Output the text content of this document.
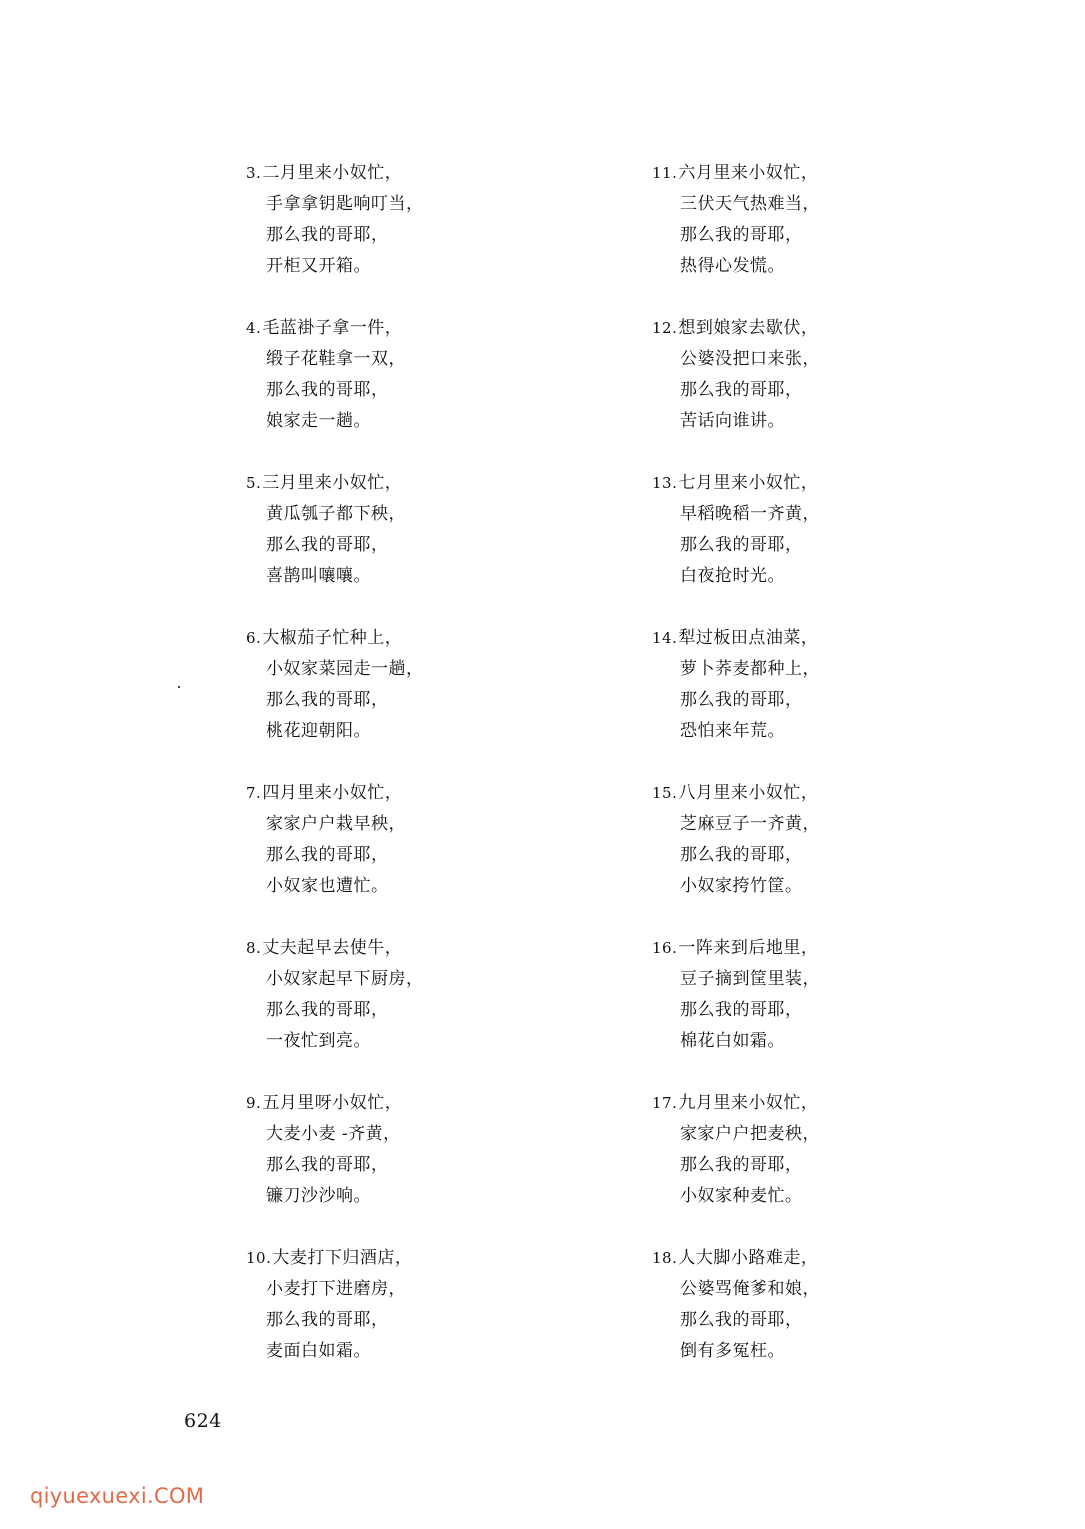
3.二月里来小奴忙，
手拿拿钥匙响叮当，
那么我的哥耶，
开柜又开箱。
4.毛蓝褂子拿一件，
缎子花鞋拿一双，
那么我的哥耶，
娘家走一趟。
5.三月里来小奴忙，
黄瓜瓠子都下秧，
那么我的哥耶，
喜鹊叫嚷嚷。
6.大椒茄子忙种上，
小奴家菜园走一趟，
那么我的哥耶，
桃花迎朝阳。
7.四月里来小奴忙，
家家户户栽早秧，
那么我的哥耶，
小奴家也遭忙。
8.丈夫起早去使牛，
小奴家起早下厨房，
那么我的哥耶，
一夜忙到亮。
9.五月里呀小奴忙，
大麦小麦 -齐黄，
那么我的哥耶，
镰刀沙沙响。
10.大麦打下归酒店，
小麦打下进磨房，
那么我的哥耶，
麦面白如霜。
11.六月里来小奴忙，
三伏天气热难当，
那么我的哥耶，
热得心发慌。
12.想到娘家去歇伏，
公婆没把口来张，
那么我的哥耶，
苦话向谁讲。
13.七月里来小奴忙，
早稻晚稻一齐黄，
那么我的哥耶，
白夜抢时光。
14.犁过板田点油菜，
萝卜荞麦都种上，
那么我的哥耶，
恐怕来年荒。
15.八月里来小奴忙，
芝麻豆子一齐黄，
那么我的哥耶，
小奴家挎竹筐。
16.一阵来到后地里，
豆子摘到筐里装，
那么我的哥耶，
棉花白如霜。
17.九月里来小奴忙，
家家户户把麦秧，
那么我的哥耶，
小奴家种麦忙。
18.人大脚小路难走，
公婆骂俺爹和娘，
那么我的哥耶，
倒有多冤枉。
624
qiyuexuexi.COM
